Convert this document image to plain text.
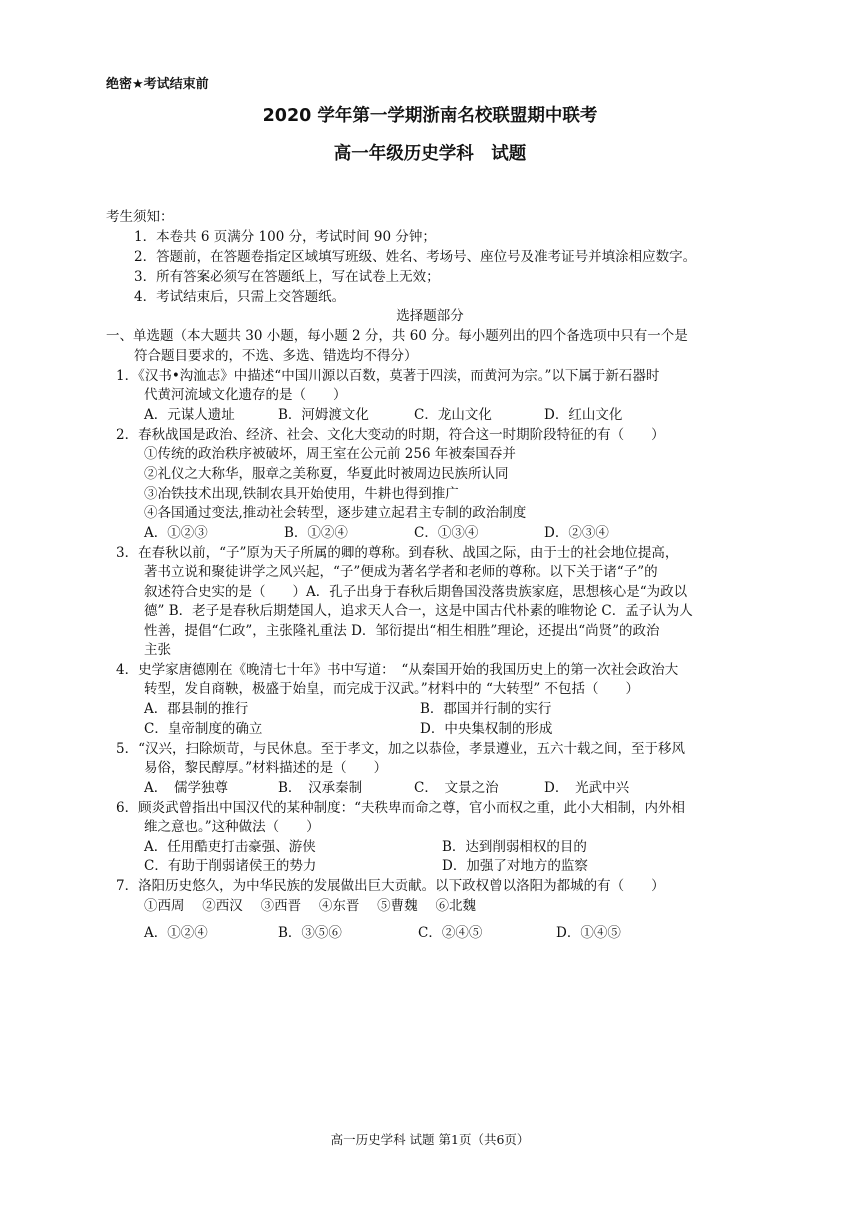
绝密★考试结束前
2020 学年第一学期浙南名校联盟期中联考
高一年级历史学科　试题
考生须知：
1．本卷共 6 页满分 100 分，考试时间 90 分钟；
2．答题前，在答题卷指定区域填写班级、姓名、考场号、座位号及准考证号并填涂相应数字。
3．所有答案必须写在答题纸上，写在试卷上无效；
4．考试结束后，只需上交答题纸。
选择题部分
一、单选题（本大题共 30 小题，每小题 2 分，共 60 分。每小题列出的四个备选项中只有一个是
符合题目要求的，不选、多选、错选均不得分）
1．《汉书•沟洫志》中描述“中国川源以百数，莫著于四渎，而黄河为宗。”以下属于新石器时
代黄河流域文化遗存的是（　　）
A．元谋人遗址	B．河姆渡文化	C．龙山文化	D．红山文化
2．春秋战国是政治、经济、社会、文化大变动的时期，符合这一时期阶段特征的有（　　）
①传统的政治秩序被破坏，周王室在公元前 256 年被秦国吞并
②礼仪之大称华，服章之美称夏，华夏此时被周边民族所认同
③冶铁技术出现,铁制农具开始使用，牛耕也得到推广
④各国通过变法,推动社会转型，逐步建立起君主专制的政治制度
A．①②③	B．①②④	C．①③④	D．②③④
3．在春秋以前，“子”原为天子所属的卿的尊称。到春秋、战国之际，由于士的社会地位提高，
著书立说和聚徒讲学之风兴起，“子”便成为著名学者和老师的尊称。以下关于诸“子”的
叙述符合史实的是（　　）A．孔子出身于春秋后期鲁国没落贵族家庭，思想核心是“为政以
德” B．老子是春秋后期楚国人，追求天人合一，这是中国古代朴素的唯物论 C．孟子认为人
性善，提倡“仁政”，主张隆礼重法 D．邹衍提出“相生相胜”理论，还提出“尚贤”的政治
主张
4．史学家唐德刚在《晚清七十年》书中写道：　“从秦国开始的我国历史上的第一次社会政治大
转型，发自商鞅，极盛于始皇，而完成于汉武。”材料中的 “大转型” 不包括（　　）
A．郡县制的推行	B．郡国并行制的实行
C．皇帝制度的确立	D．中央集权制的形成
5．“汉兴，扫除烦苛，与民休息。至于孝文，加之以恭俭，孝景遵业，五六十载之间，至于移风
易俗，黎民醇厚。”材料描述的是（　　）
A．　儒学独尊	B．　汉承秦制	C．　文景之治	D．　光武中兴
6．顾炎武曾指出中国汉代的某种制度：“夫秩卑而命之尊，官小而权之重，此小大相制，内外相
维之意也。”这种做法（　　）
A．任用酷吏打击豪强、游侠	B．达到削弱相权的目的
C．有助于削弱诸侯王的势力	D．加强了对地方的监察
7．洛阳历史悠久，为中华民族的发展做出巨大贡献。以下政权曾以洛阳为都城的有（　　）
①西周　 ②西汉　 ③西晋　 ④东晋　 ⑤曹魏　 ⑥北魏
A．①②④	B．③⑤⑥	C．②④⑤	D．①④⑤
高一历史学科 试题 第1页（共6页）
